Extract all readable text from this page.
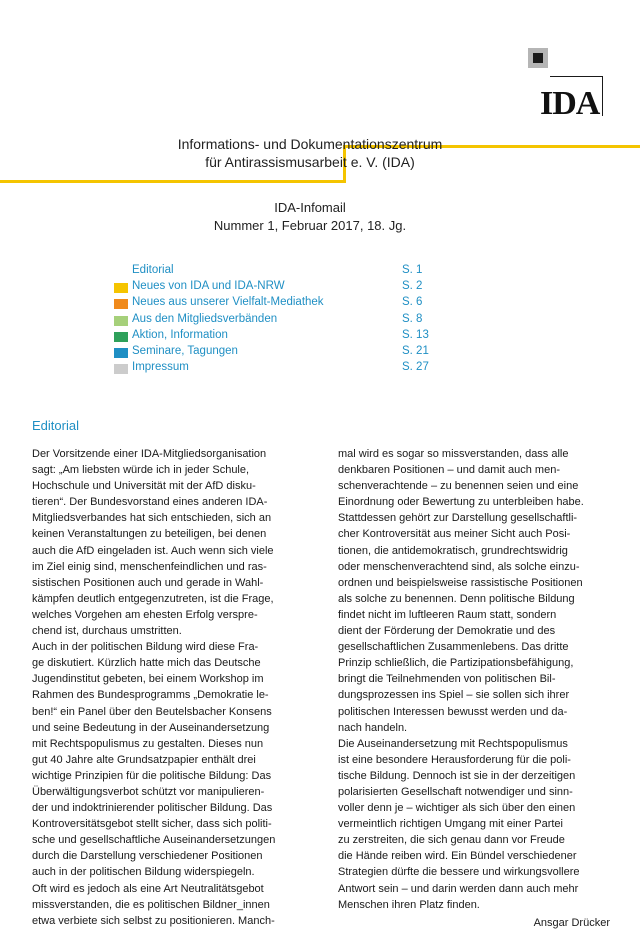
IDA
Informations- und Dokumentationszentrum
für Antirassismusarbeit e. V. (IDA)
IDA-Infomail
Nummer 1, Februar 2017, 18. Jg.
Editorial	S. 1
Neues von IDA und IDA-NRW	S. 2
Neues aus unserer Vielfalt-Mediathek	S. 6
Aus den Mitgliedsverbänden	S. 8
Aktion, Information	S. 13
Seminare, Tagungen	S. 21
Impressum	S. 27
Editorial

Der Vorsitzende einer IDA-Mitgliedsorganisation
sagt: „Am liebsten würde ich in jeder Schule,
Hochschule und Universität mit der AfD disku-
tieren“. Der Bundesvorstand eines anderen IDA-
Mitgliedsverbandes hat sich entschieden, sich an
keinen Veranstaltungen zu beteiligen, bei denen
auch die AfD eingeladen ist. Auch wenn sich viele
im Ziel einig sind, menschenfeindlichen und ras-
sistischen Positionen auch und gerade in Wahl-
kämpfen deutlich entgegenzutreten, ist die Frage,
welches Vorgehen am ehesten Erfolg verspre-
chend ist, durchaus umstritten.

Auch in der politischen Bildung wird diese Fra-
ge diskutiert. Kürzlich hatte mich das Deutsche
Jugendinstitut gebeten, bei einem Workshop im
Rahmen des Bundesprogramms „Demokratie le-
ben!“ ein Panel über den Beutelsbacher Konsens
und seine Bedeutung in der Auseinandersetzung
mit Rechtspopulismus zu gestalten. Dieses nun
gut 40 Jahre alte Grundsatzpapier enthält drei
wichtige Prinzipien für die politische Bildung: Das
Überwältigungsverbot schützt vor manipulieren-
der und indoktrinierender politischer Bildung. Das
Kontroversitätsgebot stellt sicher, dass sich politi-
sche und gesellschaftliche Auseinandersetzungen
durch die Darstellung verschiedener Positionen
auch in der politischen Bildung widerspiegeln.

Oft wird es jedoch als eine Art Neutralitätsgebot
missverstanden, die es politischen Bildner_innen
etwa verbiete sich selbst zu positionieren. Manch-

mal wird es sogar so missverstanden, dass alle
denkbaren Positionen – und damit auch men-
schenverachtende – zu benennen seien und eine
Einordnung oder Bewertung zu unterbleiben habe.
Stattdessen gehört zur Darstellung gesellschaftli-
cher Kontroversität aus meiner Sicht auch Posi-
tionen, die antidemokratisch, grundrechtswidrig
oder menschenverachtend sind, als solche einzu-
ordnen und beispielsweise rassistische Positionen
als solche zu benennen. Denn politische Bildung
findet nicht im luftleeren Raum statt, sondern
dient der Förderung der Demokratie und des
gesellschaftlichen Zusammenlebens. Das dritte
Prinzip schließlich, die Partizipationsbefähigung,
bringt die Teilnehmenden von politischen Bil-
dungsprozessen ins Spiel – sie sollen sich ihrer
politischen Interessen bewusst werden und da-
nach handeln.

Die Auseinandersetzung mit Rechtspopulismus
ist eine besondere Herausforderung für die poli-
tische Bildung. Dennoch ist sie in der derzeitigen
polarisierten Gesellschaft notwendiger und sinn-
voller denn je – wichtiger als sich über den einen
vermeintlich richtigen Umgang mit einer Partei
zu zerstreiten, die sich genau dann vor Freude
die Hände reiben wird. Ein Bündel verschiedener
Strategien dürfte die bessere und wirkungsvollere
Antwort sein – und darin werden dann auch mehr
Menschen ihren Platz finden.

Ansgar Drücker
